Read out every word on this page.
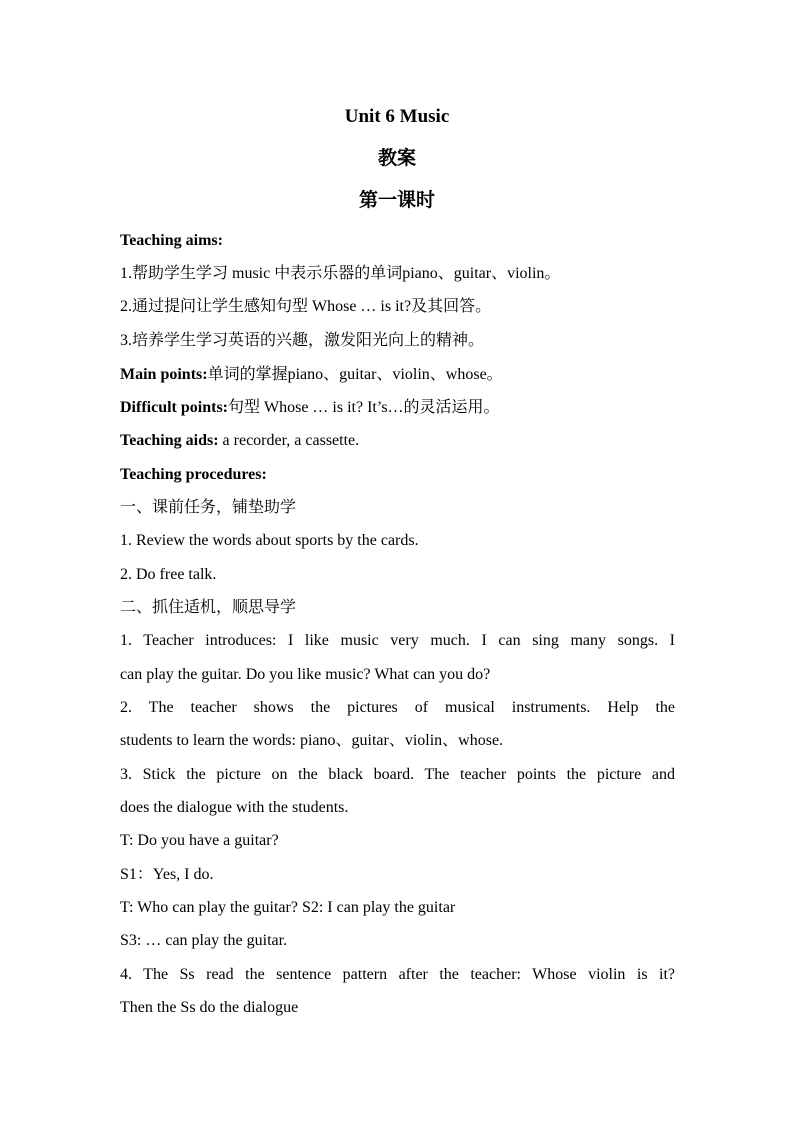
Unit 6 Music
教案
第一课时
Teaching aims:
1.帮助学生学习 music 中表示乐器的单词piano、guitar、violin。
2.通过提问让学生感知句型 Whose … is it?及其回答。
3.培养学生学习英语的兴趣，激发阳光向上的精神。
Main points:单词的掌握piano、guitar、violin、whose。
Difficult points:句型 Whose … is it? It’s…的灵活运用。
Teaching aids: a recorder, a cassette.
Teaching procedures:
一、课前任务，铺垫助学
1. Review the words about sports by the cards.
2. Do free talk.
二、抓住适机，顺思导学
1. Teacher introduces: I like music very much. I can sing many songs. I
can play the guitar. Do you like music? What can you do?
2. The teacher shows the pictures of musical instruments. Help the
students to learn the words: piano、guitar、violin、whose.
3. Stick the picture on the black board. The teacher points the picture and
does the dialogue with the students.
T: Do you have a guitar?
S1：Yes, I do.
T: Who can play the guitar? S2: I can play the guitar
S3: … can play the guitar.
4. The Ss read the sentence pattern after the teacher: Whose violin is it?
Then the Ss do the dialogue
